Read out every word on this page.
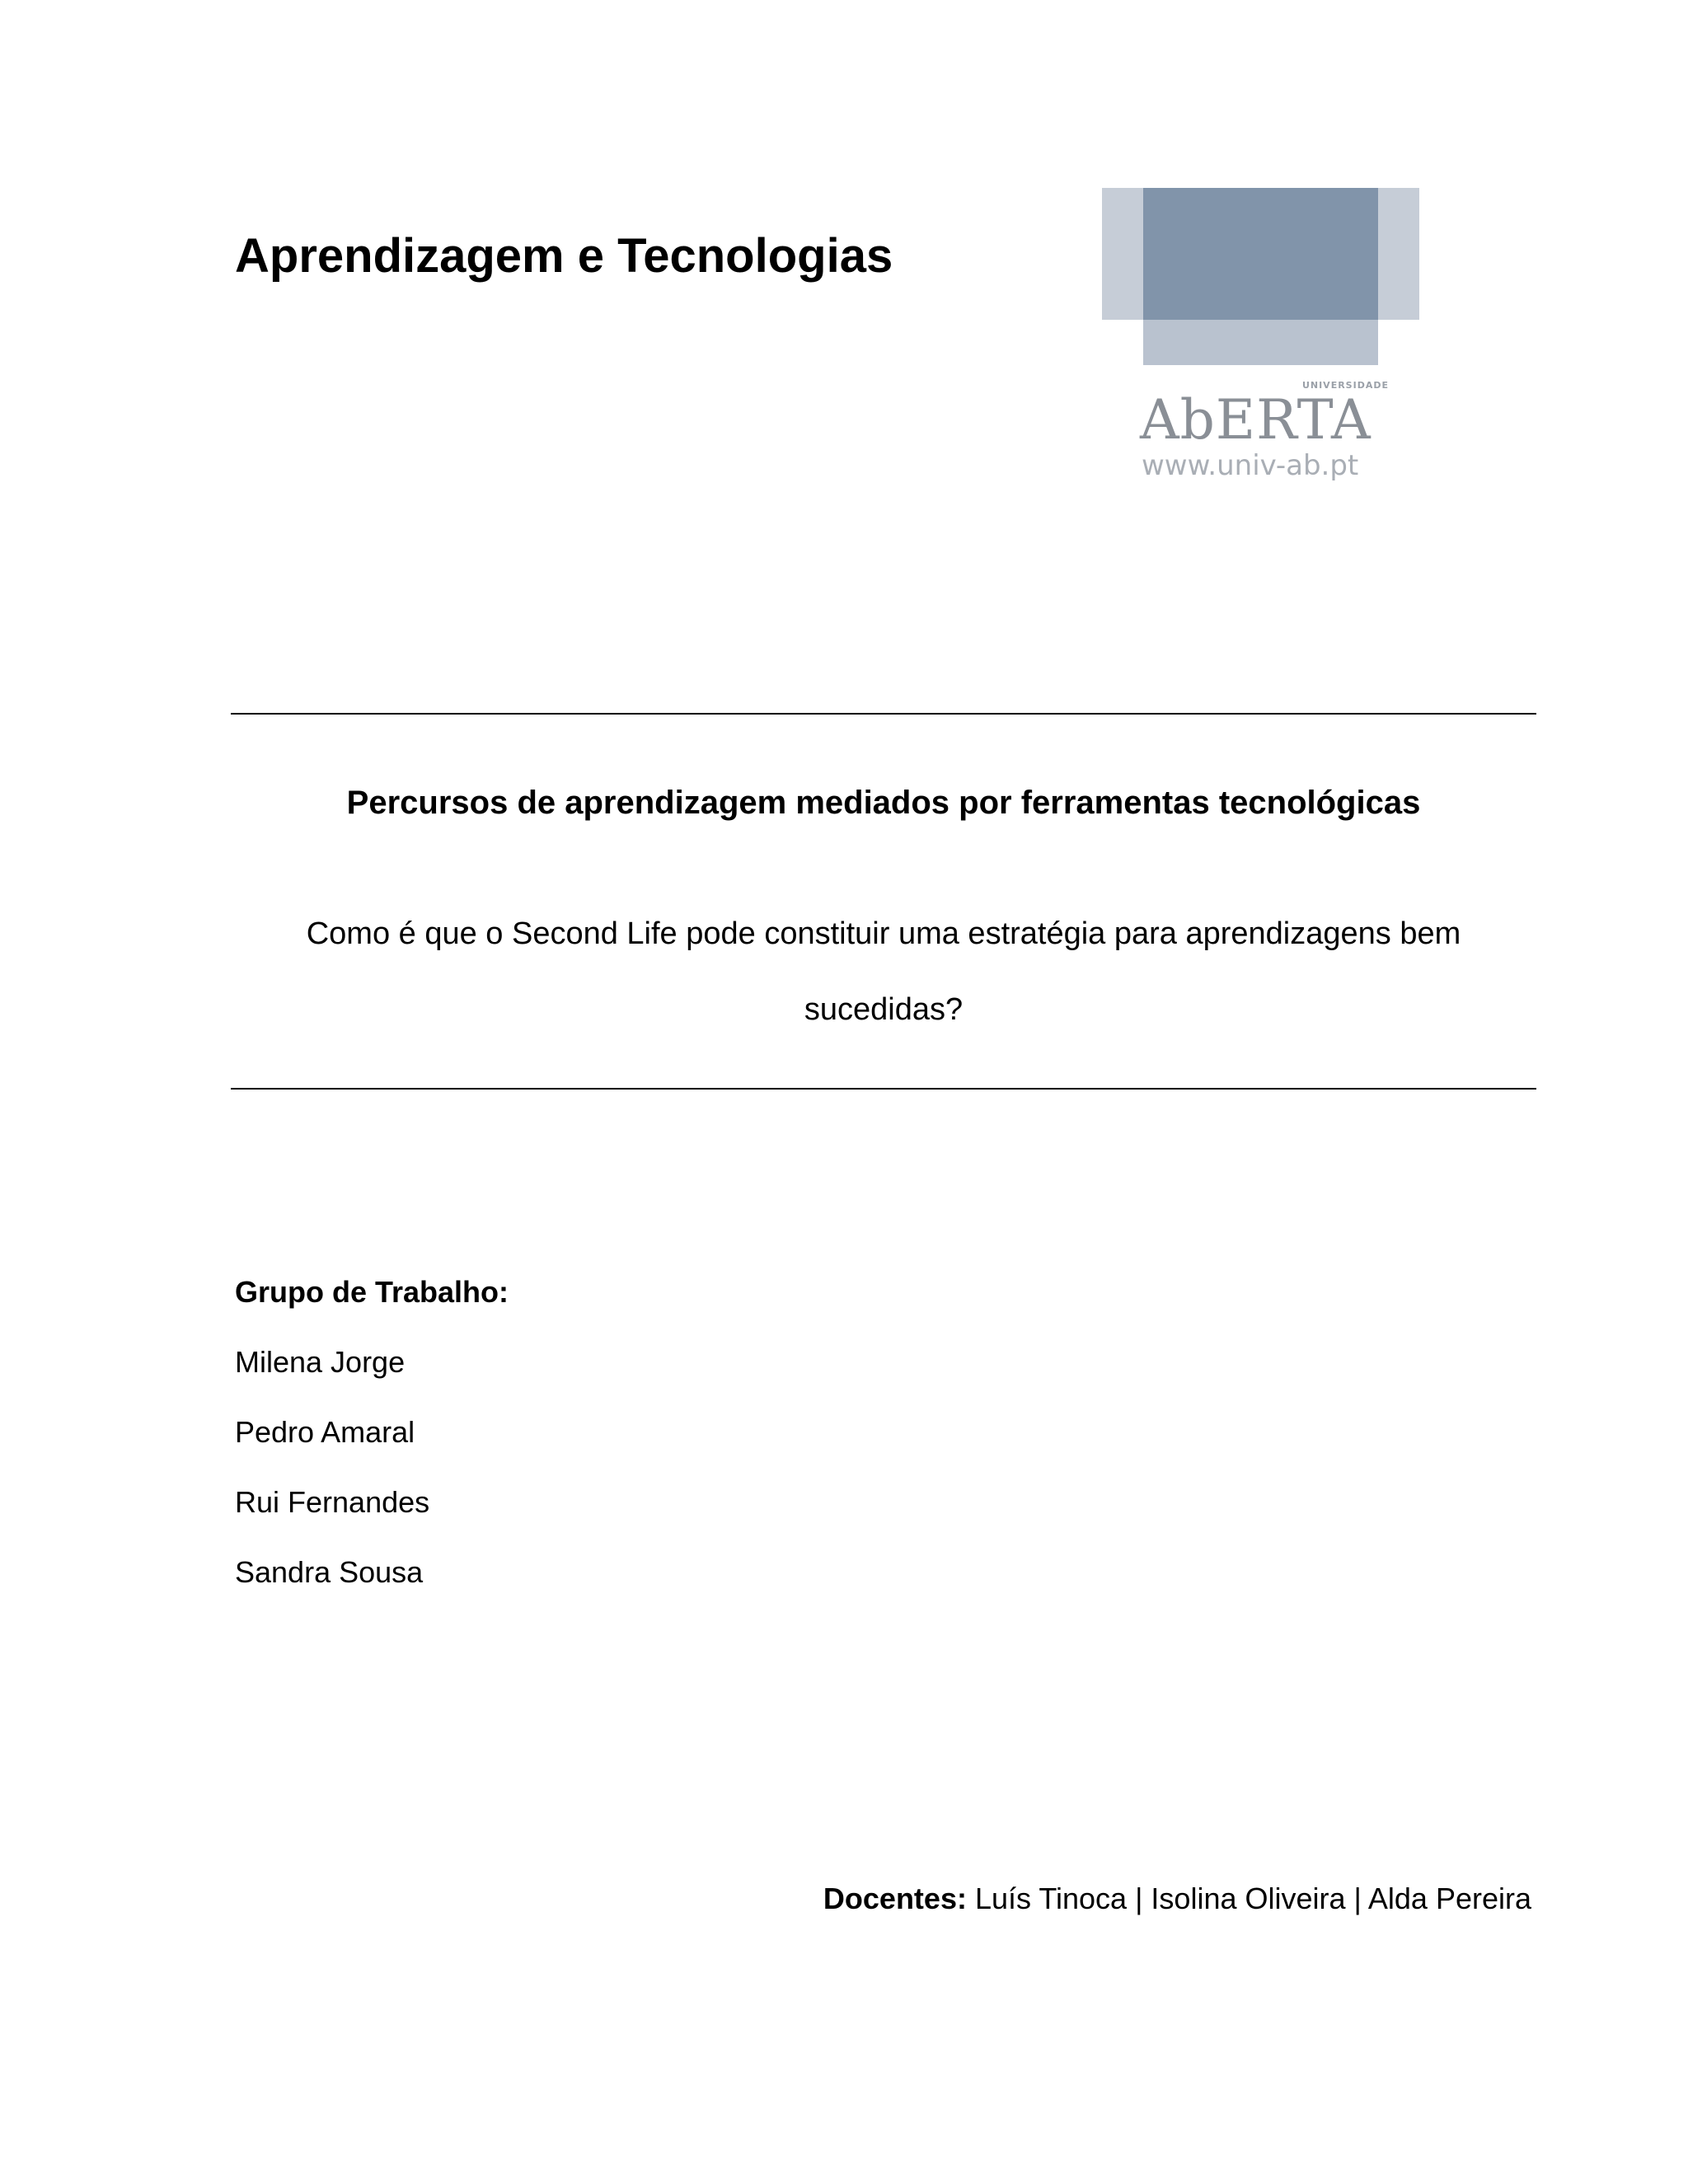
Aprendizagem e Tecnologias
UNIVERSIDADE
AbERTA
www.univ-ab.pt
Percursos de aprendizagem mediados por ferramentas tecnológicas

Como é que o Second Life pode constituir uma estratégia para aprendizagens bem
sucedidas?

Grupo de Trabalho:
Milena Jorge
Pedro Amaral
Rui Fernandes
Sandra Sousa
Docentes: Luís Tinoca | Isolina Oliveira | Alda Pereira
